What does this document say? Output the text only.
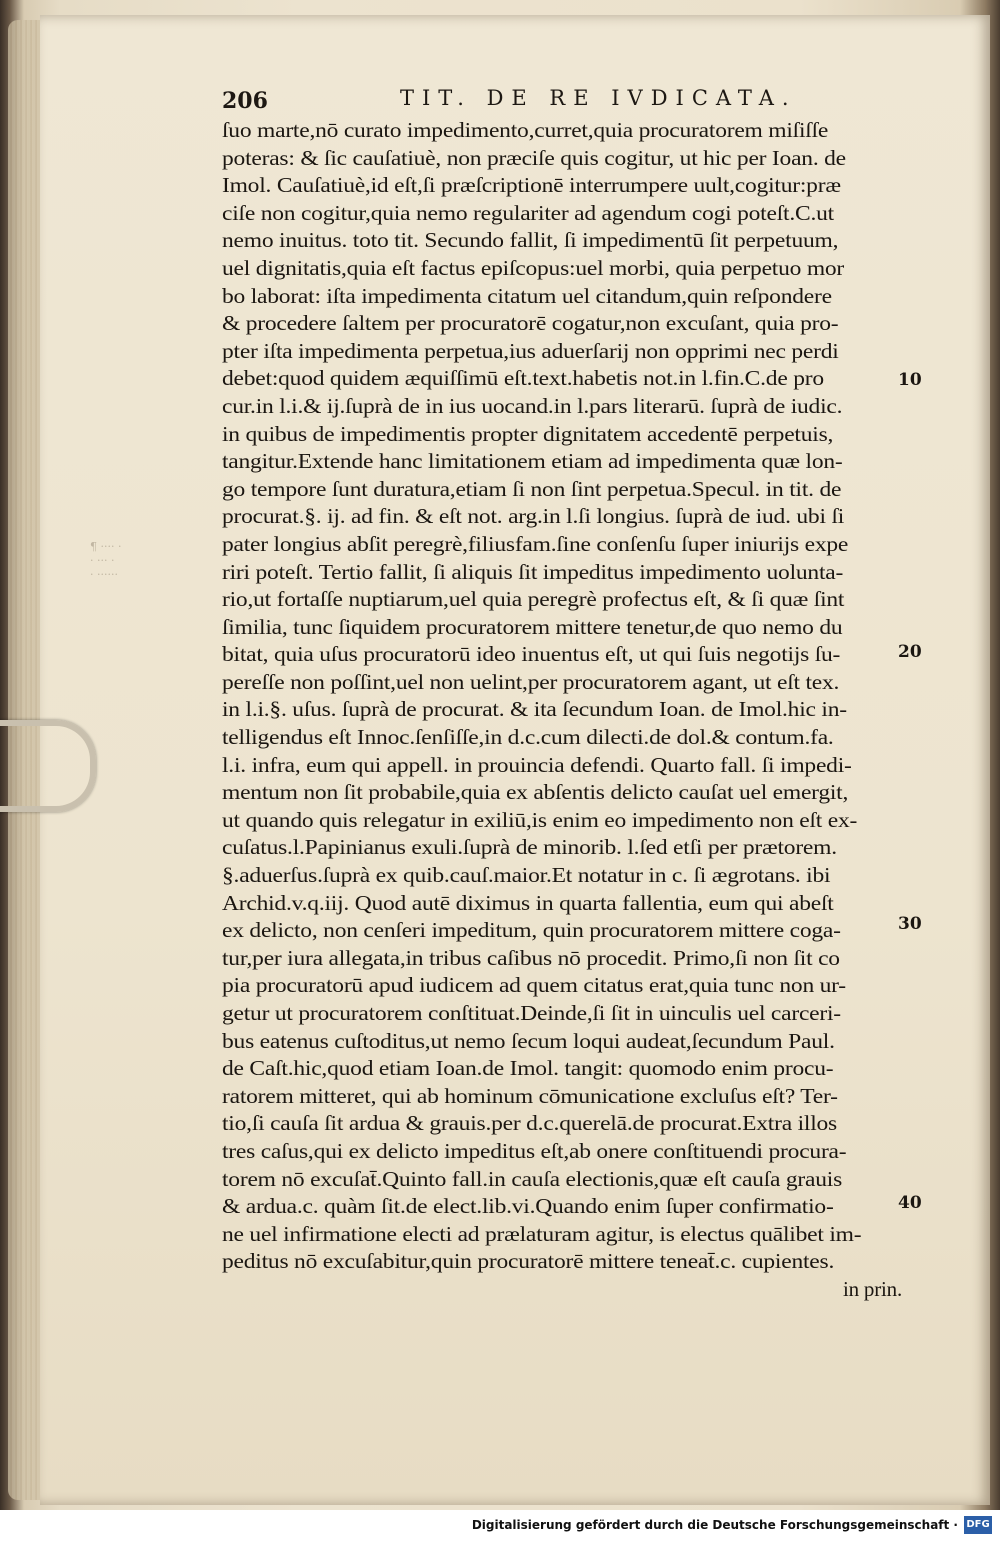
¶ ···· ·
· ··· ·
· ······
206	TIT. DE RE IVDICATA.
ſuo marte,nō curato impedimento,curret,quia procuratorem miſiſſe
poteras: & ſic cauſatiuè, non præciſe quis cogitur, ut hic per Ioan. de
Imol. Cauſatiuè,id eſt,ſi præſcriptionē interrumpere uult,cogitur:præ
ciſe non cogitur,quia nemo regulariter ad agendum cogi poteſt.C.ut
nemo inuitus. toto tit. Secundo fallit, ſi impedimentū ſit perpetuum,
uel dignitatis,quia eſt factus epiſcopus:uel morbi, quia perpetuo mor
bo laborat: iſta impedimenta citatum uel citandum,quin reſpondere
& procedere ſaltem per procuratorē cogatur,non excuſant, quia pro-
pter iſta impedimenta perpetua,ius aduerſarij non opprimi nec perdi
debet:quod quidem æquiſſimū eſt.text.habetis not.in l.fin.C.de pro
cur.in l.i.& ij.ſuprà de in ius uocand.in l.pars literarū. ſuprà de iudic.
in quibus de impedimentis propter dignitatem accedentē perpetuis,
tangitur.Extende hanc limitationem etiam ad impedimenta quæ lon-
go tempore ſunt duratura,etiam ſi non ſint perpetua.Specul. in tit. de
procurat.§. ij. ad fin. & eſt not. arg.in l.ſi longius. ſuprà de iud. ubi ſi
pater longius abſit peregrè,filiusfam.ſine conſenſu ſuper iniurijs expe
riri poteſt. Tertio fallit, ſi aliquis ſit impeditus impedimento uolunta-
rio,ut fortaſſe nuptiarum,uel quia peregrè profectus eſt, & ſi quæ ſint
ſimilia, tunc ſiquidem procuratorem mittere tenetur,de quo nemo du
bitat, quia uſus procuratorū ideo inuentus eſt, ut qui ſuis negotijs ſu-
pereſſe non poſſint,uel non uelint,per procuratorem agant, ut eſt tex.
in l.i.§. uſus. ſuprà de procurat. & ita ſecundum Ioan. de Imol.hic in-
telligendus eſt Innoc.ſenſiſſe,in d.c.cum dilecti.de dol.& contum.fa.
l.i. infra, eum qui appell. in prouincia defendi. Quarto fall. ſi impedi-
mentum non ſit probabile,quia ex abſentis delicto cauſat uel emergit,
ut quando quis relegatur in exiliū,is enim eo impedimento non eſt ex-
cuſatus.l.Papinianus exuli.ſuprà de minorib. l.ſed etſi per prætorem.
§.aduerſus.ſuprà ex quib.cauſ.maior.Et notatur in c. ſi ægrotans. ibi
Archid.v.q.iij. Quod autē diximus in quarta fallentia, eum qui abeſt
ex delicto, non cenſeri impeditum, quin procuratorem mittere coga-
tur,per iura allegata,in tribus caſibus nō procedit. Primo,ſi non ſit co
pia procuratorū apud iudicem ad quem citatus erat,quia tunc non ur-
getur ut procuratorem conſtituat.Deinde,ſi ſit in uinculis uel carceri-
bus eatenus cuſtoditus,ut nemo ſecum loqui audeat,ſecundum Paul.
de Caſt.hic,quod etiam Ioan.de Imol. tangit: quomodo enim procu-
ratorem mitteret, qui ab hominum cōmunicatione excluſus eſt? Ter-
tio,ſi cauſa ſit ardua & grauis.per d.c.querelā.de procurat.Extra illos
tres caſus,qui ex delicto impeditus eſt,ab onere conſtituendi procura-
torem nō excuſat̄.Quinto fall.in cauſa electionis,quæ eſt cauſa grauis
& ardua.c. quàm ſit.de elect.lib.vi.Quando enim ſuper confirmatio-
ne uel infirmatione electi ad prælaturam agitur, is electus quālibet im-
peditus nō excuſabitur,quin procuratorē mittere teneat̄.c. cupientes.
in prin.
10
20
30
40
Digitalisierung gefördert durch die Deutsche Forschungsgemeinschaft · DFG
